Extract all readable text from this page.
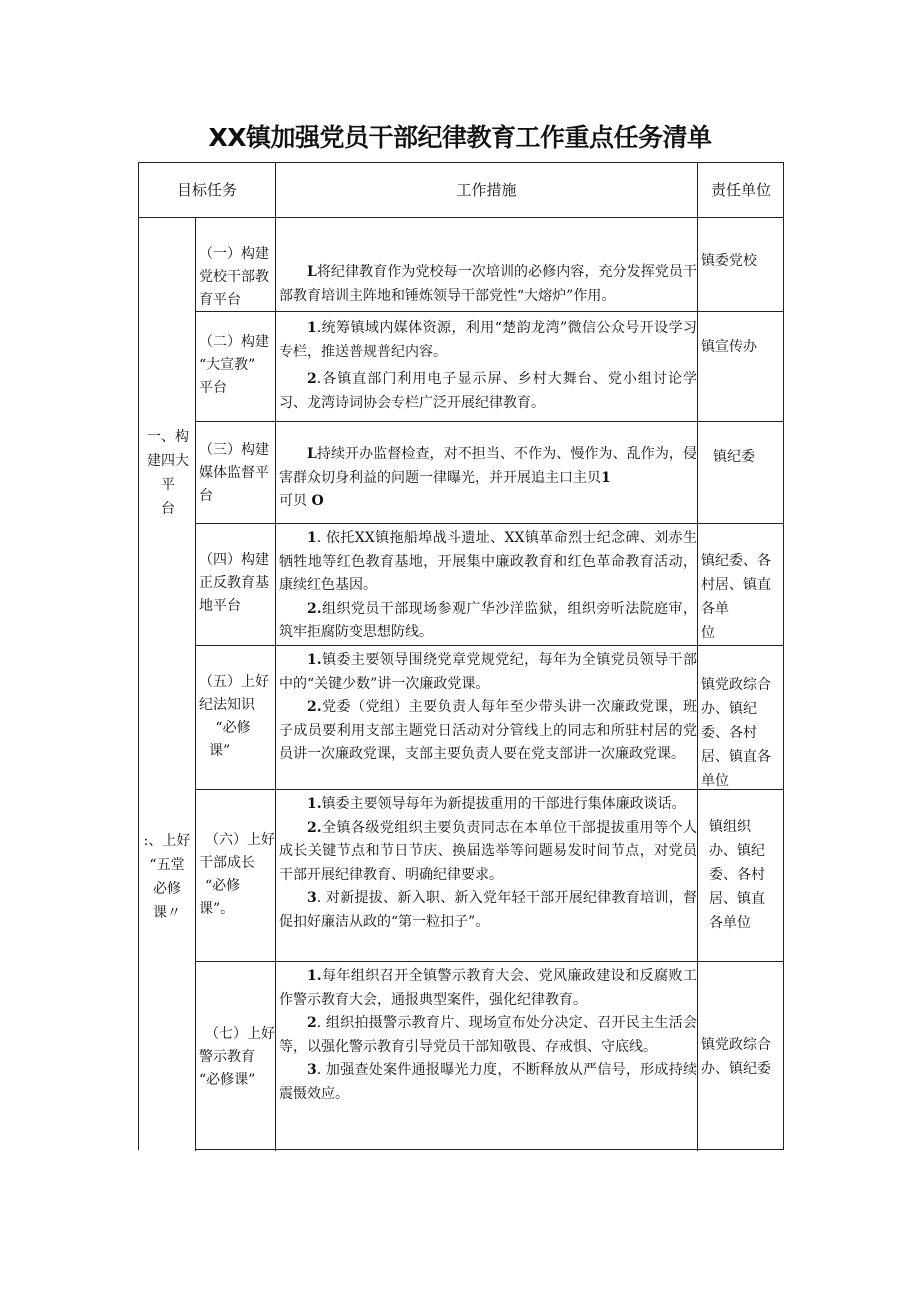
XX镇加强党员干部纪律教育工作重点任务清单
目标任务	工作措施	责任单位
一、构
建四大
平
台
:、上好
“五堂
必修
课〃
（一）构建
党校干部教
育平台

L将纪律教育作为党校每一次培训的必修内容，充分发挥党员干部教育培训主阵地和锤炼领导干部党性“大熔炉”作用。

镇委党校
（二）构建
“大宣教”
平台

1.统筹镇域内媒体资源，利用“楚韵龙湾”微信公众号开设学习专栏，推送普规普纪内容。

2.各镇直部门利用电子显示屏、乡村大舞台、党小组讨论学习、龙湾诗词协会专栏广泛开展纪律教育。

镇宣传办
（三）构建
媒体监督平
台

L持续开办监督检查，对不担当、不作为、慢作为、乱作为，侵害群众切身利益的问题一律曝光，并开展追主口主贝1

可贝 O
镇纪委
（四）构建
正反教育基
地平台

1. 依托XX镇拖船埠战斗遗址、XX镇革命烈士纪念碑、刘赤生牺牲地等红色教育基地，开展集中廉政教育和红色革命教育活动，康续红色基因。

2.组织党员干部现场参观广华沙洋监狱，组织旁听法院庭审，筑牢拒腐防变思想防线。

镇纪委、各
村居、镇直
各单
位
（五）上好
纪法知识
“必修
课”

1.镇委主要领导围绕党章党规党纪，每年为全镇党员领导干部中的“关键少数”讲一次廉政党课。

2.党委（党组）主要负责人每年至少带头讲一次廉政党课，班子成员要利用支部主题党日活动对分管线上的同志和所驻村居的党员讲一次廉政党课，支部主要负责人要在党支部讲一次廉政党课。

镇党政综合
办、镇纪
委、各村
居、镇直各
单位
（六）上好
干部成长
“必修
课”。

1.镇委主要领导每年为新提拔重用的干部进行集体廉政谈话。

2.全镇各级党组织主要负责同志在本单位干部提拔重用等个人成长关键节点和节日节庆、换届选举等问题易发时间节点，对党员干部开展纪律教育、明确纪律要求。

3. 对新提拔、新入职、新入党年轻干部开展纪律教育培训，督促扣好廉洁从政的“第一粒扣子”。

镇组织
办、镇纪
委、各村
居、镇直
各单位
（七）上好
警示教育
“必修课”

1.每年组织召开全镇警示教育大会、党风廉政建设和反腐败工作警示教育大会，通报典型案件，强化纪律教育。

2. 组织拍摄警示教育片、现场宣布处分决定、召开民主生活会等，以强化警示教育引导党员干部知敬畏、存戒惧、守底线。

3. 加强查处案件通报曝光力度，不断释放从严信号，形成持续震慑效应。

镇党政综合
办、镇纪委
